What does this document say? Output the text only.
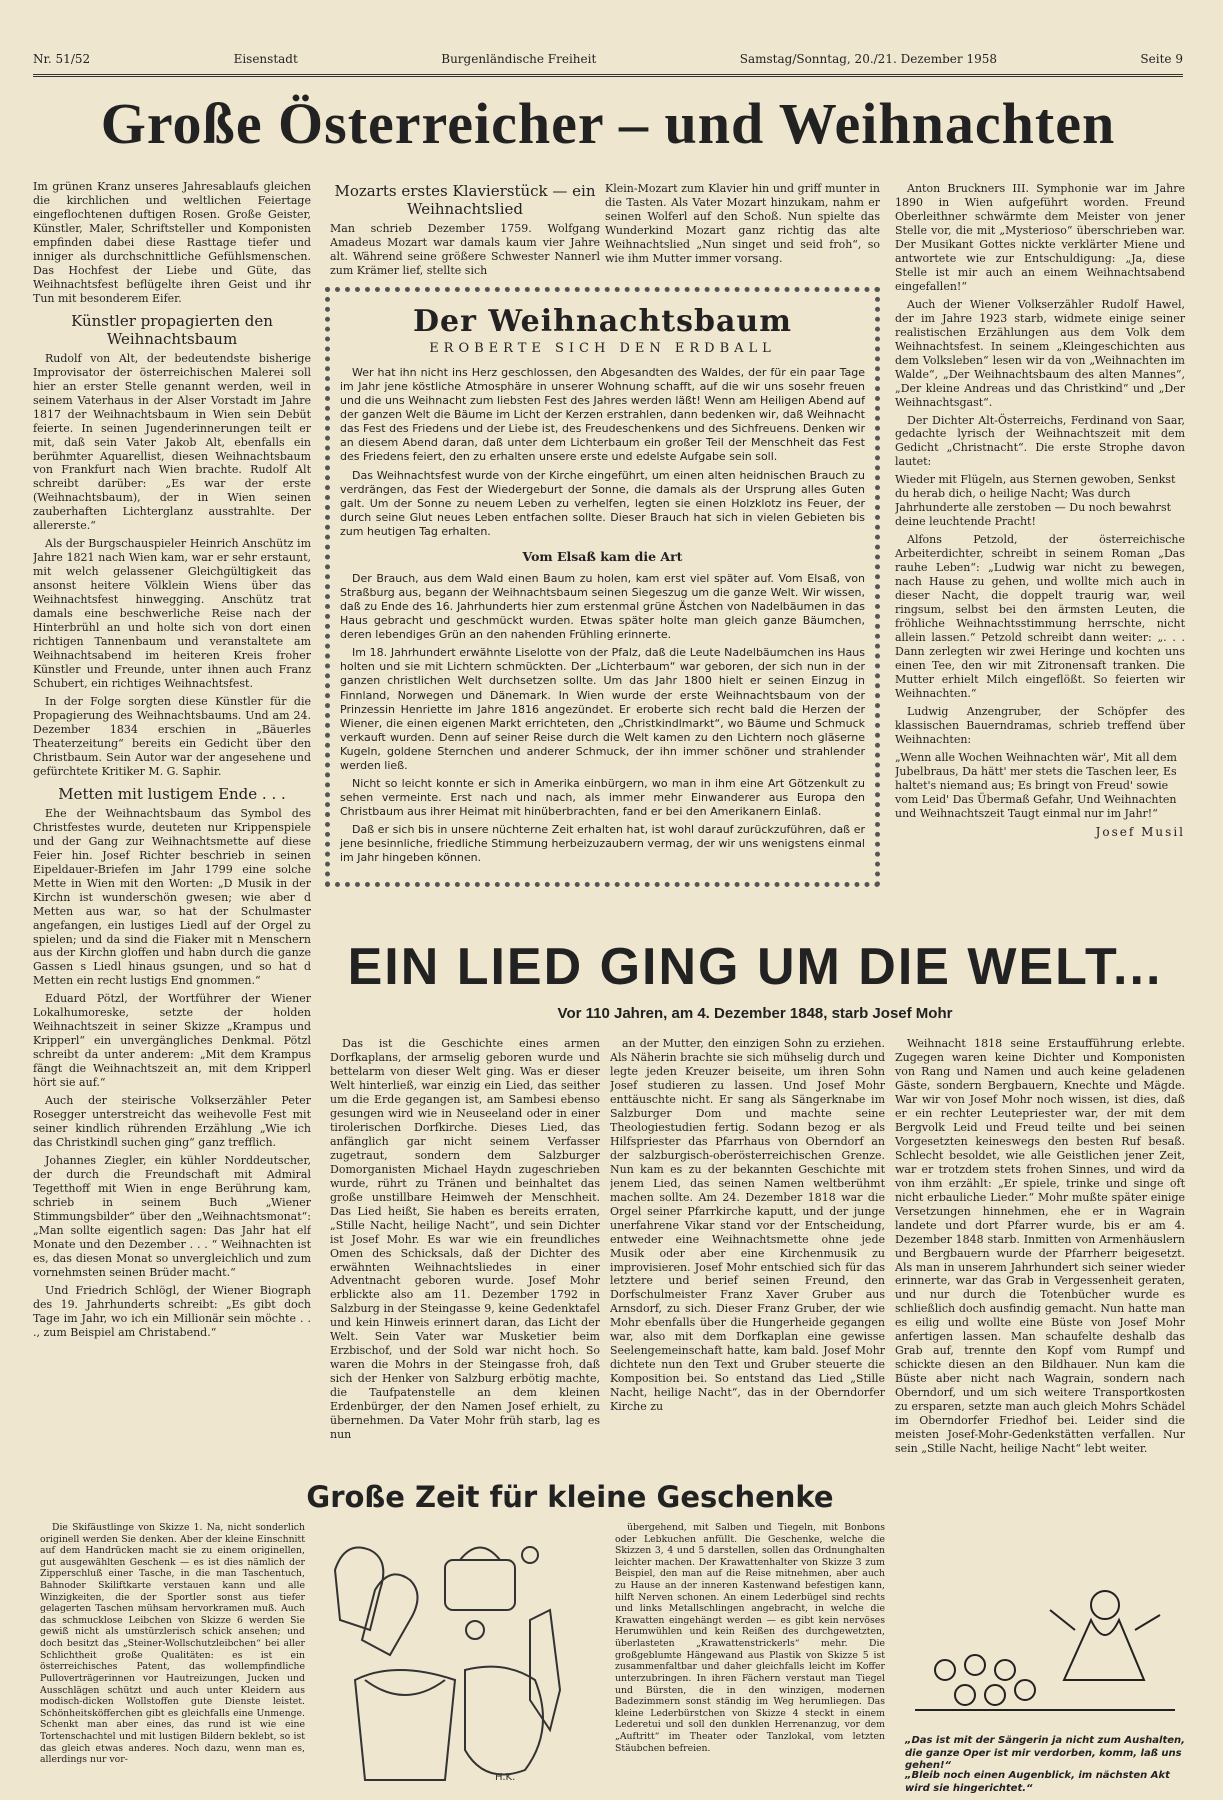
Nr. 51/52	Eisenstadt	Burgenländische Freiheit	Samstag/Sonntag, 20./21. Dezember 1958	Seite 9
Große Österreicher – und Weihnachten

Im grünen Kranz unseres Jahresablaufs gleichen die kirchlichen und weltlichen Feiertage eingeflochtenen duftigen Rosen. Große Geister, Künstler, Maler, Schriftsteller und Komponisten empfinden dabei diese Rasttage tiefer und inniger als durchschnittliche Gefühlsmenschen. Das Hochfest der Liebe und Güte, das Weihnachtsfest beflügelte ihren Geist und ihr Tun mit besonderem Eifer.

Künstler propagierten den Weihnachtsbaum

Rudolf von Alt, der bedeutendste bisherige Improvisator der österreichischen Malerei soll hier an erster Stelle genannt werden, weil in seinem Vaterhaus in der Alser Vorstadt im Jahre 1817 der Weihnachtsbaum in Wien sein Debüt feierte. In seinen Jugenderinnerungen teilt er mit, daß sein Vater Jakob Alt, ebenfalls ein berühmter Aquarellist, diesen Weihnachtsbaum von Frankfurt nach Wien brachte. Rudolf Alt schreibt darüber: „Es war der erste (Weihnachtsbaum), der in Wien seinen zauberhaften Lichterglanz ausstrahlte. Der allererste.“

Als der Burgschauspieler Heinrich Anschütz im Jahre 1821 nach Wien kam, war er sehr erstaunt, mit welch gelassener Gleichgültigkeit das ansonst heitere Völklein Wiens über das Weihnachtsfest hinwegging. Anschütz trat damals eine beschwerliche Reise nach der Hinterbrühl an und holte sich von dort einen richtigen Tannenbaum und veranstaltete am Weihnachtsabend im heiteren Kreis froher Künstler und Freunde, unter ihnen auch Franz Schubert, ein richtiges Weihnachtsfest.

In der Folge sorgten diese Künstler für die Propagierung des Weihnachtsbaums. Und am 24. Dezember 1834 erschien in „Bäuerles Theaterzeitung“ bereits ein Gedicht über den Christbaum. Sein Autor war der angesehene und gefürchtete Kritiker M. G. Saphir.

Metten mit lustigem Ende . . .

Ehe der Weihnachtsbaum das Symbol des Christfestes wurde, deuteten nur Krippenspiele und der Gang zur Weihnachtsmette auf diese Feier hin. Josef Richter beschrieb in seinen Eipeldauer-Briefen im Jahr 1799 eine solche Mette in Wien mit den Worten: „D Musik in der Kirchn ist wunderschön gwesen; wie aber d Metten aus war, so hat der Schulmaster angefangen, ein lustiges Liedl auf der Orgel zu spielen; und da sind die Fiaker mit n Menschern aus der Kirchn gloffen und habn durch die ganze Gassen s Liedl hinaus gsungen, und so hat d Metten ein recht lustigs End gnommen.“

Eduard Pötzl, der Wortführer der Wiener Lokalhumoreske, setzte der holden Weihnachtszeit in seiner Skizze „Krampus und Kripperl“ ein unvergängliches Denkmal. Pötzl schreibt da unter anderem: „Mit dem Krampus fängt die Weihnachtszeit an, mit dem Kripperl hört sie auf.“

Auch der steirische Volkserzähler Peter Rosegger unterstreicht das weihevolle Fest mit seiner kindlich rührenden Erzählung „Wie ich das Christkindl suchen ging“ ganz trefflich.

Johannes Ziegler, ein kühler Norddeutscher, der durch die Freundschaft mit Admiral Tegetthoff mit Wien in enge Berührung kam, schrieb in seinem Buch „Wiener Stimmungsbilder“ über den „Weihnachtsmonat“: „Man sollte eigentlich sagen: Das Jahr hat elf Monate und den Dezember . . . “ Weihnachten ist es, das diesen Monat so unvergleichlich und zum vornehmsten seinen Brüder macht.“

Und Friedrich Schlögl, der Wiener Biograph des 19. Jahrhunderts schreibt: „Es gibt doch Tage im Jahr, wo ich ein Millionär sein möchte . . ., zum Beispiel am Christabend.“

Mozarts erstes Klavierstück — ein Weihnachtslied

Man schrieb Dezember 1759. Wolfgang Amadeus Mozart war damals kaum vier Jahre alt. Während seine größere Schwester Nannerl zum Krämer lief, stellte sich

Klein-Mozart zum Klavier hin und griff munter in die Tasten. Als Vater Mozart hinzukam, nahm er seinen Wolferl auf den Schoß. Nun spielte das Wunderkind Mozart ganz richtig das alte Weihnachtslied „Nun singet und seid froh“, so wie ihm Mutter immer vorsang.

Der Weihnachtsbaum
EROBERTE SICH DEN ERDBALL

Wer hat ihn nicht ins Herz geschlossen, den Abgesandten des Waldes, der für ein paar Tage im Jahr jene köstliche Atmosphäre in unserer Wohnung schafft, auf die wir uns sosehr freuen und die uns Weihnacht zum liebsten Fest des Jahres werden läßt! Wenn am Heiligen Abend auf der ganzen Welt die Bäume im Licht der Kerzen erstrahlen, dann bedenken wir, daß Weihnacht das Fest des Friedens und der Liebe ist, des Freudeschenkens und des Sichfreuens. Denken wir an diesem Abend daran, daß unter dem Lichterbaum ein großer Teil der Menschheit das Fest des Friedens feiert, den zu erhalten unsere erste und edelste Aufgabe sein soll.

Das Weihnachtsfest wurde von der Kirche eingeführt, um einen alten heidnischen Brauch zu verdrängen, das Fest der Wiedergeburt der Sonne, die damals als der Ursprung alles Guten galt. Um der Sonne zu neuem Leben zu verhelfen, legten sie einen Holzklotz ins Feuer, der durch seine Glut neues Leben entfachen sollte. Dieser Brauch hat sich in vielen Gebieten bis zum heutigen Tag erhalten.

Vom Elsaß kam die Art

Der Brauch, aus dem Wald einen Baum zu holen, kam erst viel später auf. Vom Elsaß, von Straßburg aus, begann der Weihnachtsbaum seinen Siegeszug um die ganze Welt. Wir wissen, daß zu Ende des 16. Jahrhunderts hier zum erstenmal grüne Ästchen von Nadelbäumen in das Haus gebracht und geschmückt wurden. Etwas später holte man gleich ganze Bäumchen, deren lebendiges Grün an den nahenden Frühling erinnerte.

Im 18. Jahrhundert erwähnte Liselotte von der Pfalz, daß die Leute Nadelbäumchen ins Haus holten und sie mit Lichtern schmückten. Der „Lichterbaum“ war geboren, der sich nun in der ganzen christlichen Welt durchsetzen sollte. Um das Jahr 1800 hielt er seinen Einzug in Finnland, Norwegen und Dänemark. In Wien wurde der erste Weihnachtsbaum von der Prinzessin Henriette im Jahre 1816 angezündet. Er eroberte sich recht bald die Herzen der Wiener, die einen eigenen Markt errichteten, den „Christkindlmarkt“, wo Bäume und Schmuck verkauft wurden. Denn auf seiner Reise durch die Welt kamen zu den Lichtern noch gläserne Kugeln, goldene Sternchen und anderer Schmuck, der ihn immer schöner und strahlender werden ließ.

Nicht so leicht konnte er sich in Amerika einbürgern, wo man in ihm eine Art Götzenkult zu sehen vermeinte. Erst nach und nach, als immer mehr Einwanderer aus Europa den Christbaum aus ihrer Heimat mit hinüberbrachten, fand er bei den Amerikanern Einlaß.

Daß er sich bis in unsere nüchterne Zeit erhalten hat, ist wohl darauf zurückzuführen, daß er jene besinnliche, friedliche Stimmung herbeizuzaubern vermag, der wir uns wenigstens einmal im Jahr hingeben können.

Anton Bruckners III. Symphonie war im Jahre 1890 in Wien aufgeführt worden. Freund Oberleithner schwärmte dem Meister von jener Stelle vor, die mit „Mysterioso“ überschrieben war. Der Musikant Gottes nickte verklärter Miene und antwortete wie zur Entschuldigung: „Ja, diese Stelle ist mir auch an einem Weihnachtsabend eingefallen!“

Auch der Wiener Volkserzähler Rudolf Hawel, der im Jahre 1923 starb, widmete einige seiner realistischen Erzählungen aus dem Volk dem Weihnachtsfest. In seinem „Kleingeschichten aus dem Volksleben“ lesen wir da von „Weihnachten im Walde“, „Der Weihnachtsbaum des alten Mannes“, „Der kleine Andreas und das Christkind“ und „Der Weihnachtsgast“.

Der Dichter Alt-Österreichs, Ferdinand von Saar, gedachte lyrisch der Weihnachtszeit mit dem Gedicht „Christnacht“. Die erste Strophe davon lautet:

Wieder mit Flügeln, aus Sternen gewoben, Senkst du herab dich, o heilige Nacht; Was durch Jahrhunderte alle zerstoben — Du noch bewahrst deine leuchtende Pracht!

Alfons Petzold, der österreichische Arbeiterdichter, schreibt in seinem Roman „Das rauhe Leben“: „Ludwig war nicht zu bewegen, nach Hause zu gehen, und wollte mich auch in dieser Nacht, die doppelt traurig war, weil ringsum, selbst bei den ärmsten Leuten, die fröhliche Weihnachtsstimmung herrschte, nicht allein lassen.“ Petzold schreibt dann weiter: „. . . Dann zerlegten wir zwei Heringe und kochten uns einen Tee, den wir mit Zitronensaft tranken. Die Mutter erhielt Milch eingeflößt. So feierten wir Weihnachten.“

Ludwig Anzengruber, der Schöpfer des klassischen Bauerndramas, schrieb treffend über Weihnachten:

„Wenn alle Wochen Weihnachten wär', Mit all dem Jubelbraus, Da hätt' mer stets die Taschen leer, Es haltet's niemand aus; Es bringt von Freud' sowie vom Leid' Das Übermaß Gefahr, Und Weihnachten und Weihnachtszeit Taugt einmal nur im Jahr!“

Josef Musil
EIN LIED GING UM DIE WELT...
Vor 110 Jahren, am 4. Dezember 1848, starb Josef Mohr

Das ist die Geschichte eines armen Dorfkaplans, der armselig geboren wurde und bettelarm von dieser Welt ging. Was er dieser Welt hinterließ, war einzig ein Lied, das seither um die Erde gegangen ist, am Sambesi ebenso gesungen wird wie in Neuseeland oder in einer tirolerischen Dorfkirche. Dieses Lied, das anfänglich gar nicht seinem Verfasser zugetraut, sondern dem Salzburger Domorganisten Michael Haydn zugeschrieben wurde, rührt zu Tränen und beinhaltet das große unstillbare Heimweh der Menschheit. Das Lied heißt, Sie haben es bereits erraten, „Stille Nacht, heilige Nacht“, und sein Dichter ist Josef Mohr. Es war wie ein freundliches Omen des Schicksals, daß der Dichter des erwähnten Weihnachtsliedes in einer Adventnacht geboren wurde. Josef Mohr erblickte also am 11. Dezember 1792 in Salzburg in der Steingasse 9, keine Gedenktafel und kein Hinweis erinnert daran, das Licht der Welt. Sein Vater war Musketier beim Erzbischof, und der Sold war nicht hoch. So waren die Mohrs in der Steingasse froh, daß sich der Henker von Salzburg erbötig machte, die Taufpatenstelle an dem kleinen Erdenbürger, der den Namen Josef erhielt, zu übernehmen. Da Vater Mohr früh starb, lag es nun

an der Mutter, den einzigen Sohn zu erziehen. Als Näherin brachte sie sich mühselig durch und legte jeden Kreuzer beiseite, um ihren Sohn Josef studieren zu lassen. Und Josef Mohr enttäuschte nicht. Er sang als Sängerknabe im Salzburger Dom und machte seine Theologiestudien fertig. Sodann bezog er als Hilfspriester das Pfarrhaus von Oberndorf an der salzburgisch-oberösterreichischen Grenze. Nun kam es zu der bekannten Geschichte mit jenem Lied, das seinen Namen weltberühmt machen sollte. Am 24. Dezember 1818 war die Orgel seiner Pfarrkirche kaputt, und der junge unerfahrene Vikar stand vor der Entscheidung, entweder eine Weihnachtsmette ohne jede Musik oder aber eine Kirchenmusik zu improvisieren. Josef Mohr entschied sich für das letztere und berief seinen Freund, den Dorfschulmeister Franz Xaver Gruber aus Arnsdorf, zu sich. Dieser Franz Gruber, der wie Mohr ebenfalls über die Hungerheide gegangen war, also mit dem Dorfkaplan eine gewisse Seelengemeinschaft hatte, kam bald. Josef Mohr dichtete nun den Text und Gruber steuerte die Komposition bei. So entstand das Lied „Stille Nacht, heilige Nacht“, das in der Oberndorfer Kirche zu

Weihnacht 1818 seine Erstaufführung erlebte. Zugegen waren keine Dichter und Komponisten von Rang und Namen und auch keine geladenen Gäste, sondern Bergbauern, Knechte und Mägde. War wir von Josef Mohr noch wissen, ist dies, daß er ein rechter Leutepriester war, der mit dem Bergvolk Leid und Freud teilte und bei seinen Vorgesetzten keineswegs den besten Ruf besaß. Schlecht besoldet, wie alle Geistlichen jener Zeit, war er trotzdem stets frohen Sinnes, und wird da von ihm erzählt: „Er spiele, trinke und singe oft nicht erbauliche Lieder.“ Mohr mußte später einige Versetzungen hinnehmen, ehe er in Wagrain landete und dort Pfarrer wurde, bis er am 4. Dezember 1848 starb. Inmitten von Armenhäuslern und Bergbauern wurde der Pfarrherr beigesetzt. Als man in unserem Jahrhundert sich seiner wieder erinnerte, war das Grab in Vergessenheit geraten, und nur durch die Totenbücher wurde es schließlich doch ausfindig gemacht. Nun hatte man es eilig und wollte eine Büste von Josef Mohr anfertigen lassen. Man schaufelte deshalb das Grab auf, trennte den Kopf vom Rumpf und schickte diesen an den Bildhauer. Nun kam die Büste aber nicht nach Wagrain, sondern nach Oberndorf, und um sich weitere Transportkosten zu ersparen, setzte man auch gleich Mohrs Schädel im Oberndorfer Friedhof bei. Leider sind die meisten Josef-Mohr-Gedenkstätten verfallen. Nur sein „Stille Nacht, heilige Nacht“ lebt weiter.

Große Zeit für kleine Geschenke

Die Skifäustlinge von Skizze 1. Na, nicht sonderlich originell werden Sie denken. Aber der kleine Einschnitt auf dem Handrücken macht sie zu einem originellen, gut ausgewählten Geschenk — es ist dies nämlich der Zipperschluß einer Tasche, in die man Taschentuch, Bahnoder Skiliftkarte verstauen kann und alle Winzigkeiten, die der Sportler sonst aus tiefer gelagerten Taschen mühsam hervorkramen muß. Auch das schmucklose Leibchen von Skizze 6 werden Sie gewiß nicht als umstürzlerisch schick ansehen; und doch besitzt das „Steiner-Wollschutzleibchen“ bei aller Schlichtheit große Qualitäten: es ist ein österreichisches Patent, das wollempfindliche Pulloverträgerinnen vor Hautreizungen, Jucken und Ausschlägen schützt und auch unter Kleidern aus modisch-dicken Wollstoffen gute Dienste leistet. Schönheitsköfferchen gibt es gleichfalls eine Unmenge. Schenkt man aber eines, das rund ist wie eine Tortenschachtel und mit lustigen Bildern beklebt, so ist das gleich etwas anderes. Noch dazu, wenn man es, allerdings nur vor-

übergehend, mit Salben und Tiegeln, mit Bonbons oder Lebkuchen anfüllt. Die Geschenke, welche die Skizzen 3, 4 und 5 darstellen, sollen das Ordnunghalten leichter machen. Der Krawattenhalter von Skizze 3 zum Beispiel, den man auf die Reise mitnehmen, aber auch zu Hause an der inneren Kastenwand befestigen kann, hilft Nerven schonen. An einem Lederbügel sind rechts und links Metallschlingen angebracht, in welche die Krawatten eingehängt werden — es gibt kein nervöses Herumwühlen und kein Reißen des durchgewetzten, überlasteten „Krawattenstrickerls“ mehr. Die großgeblumte Hängewand aus Plastik von Skizze 5 ist zusammenfaltbar und daher gleichfalls leicht im Koffer unterzubringen. In ihren Fächern verstaut man Tiegel und Bürsten, die in den winzigen, modernen Badezimmern sonst ständig im Weg herumliegen. Das kleine Lederbürstchen von Skizze 4 steckt in einem Lederetui und soll den dunklen Herrenanzug, vor dem „Auftritt“ im Theater oder Tanzlokal, vom letzten Stäubchen befreien.

H.K.
„Das ist mit der Sängerin ja nicht zum Aushalten, die ganze Oper ist mir verdorben, komm, laß uns gehen!“
„Bleib noch einen Augenblick, im nächsten Akt wird sie hingerichtet.“
